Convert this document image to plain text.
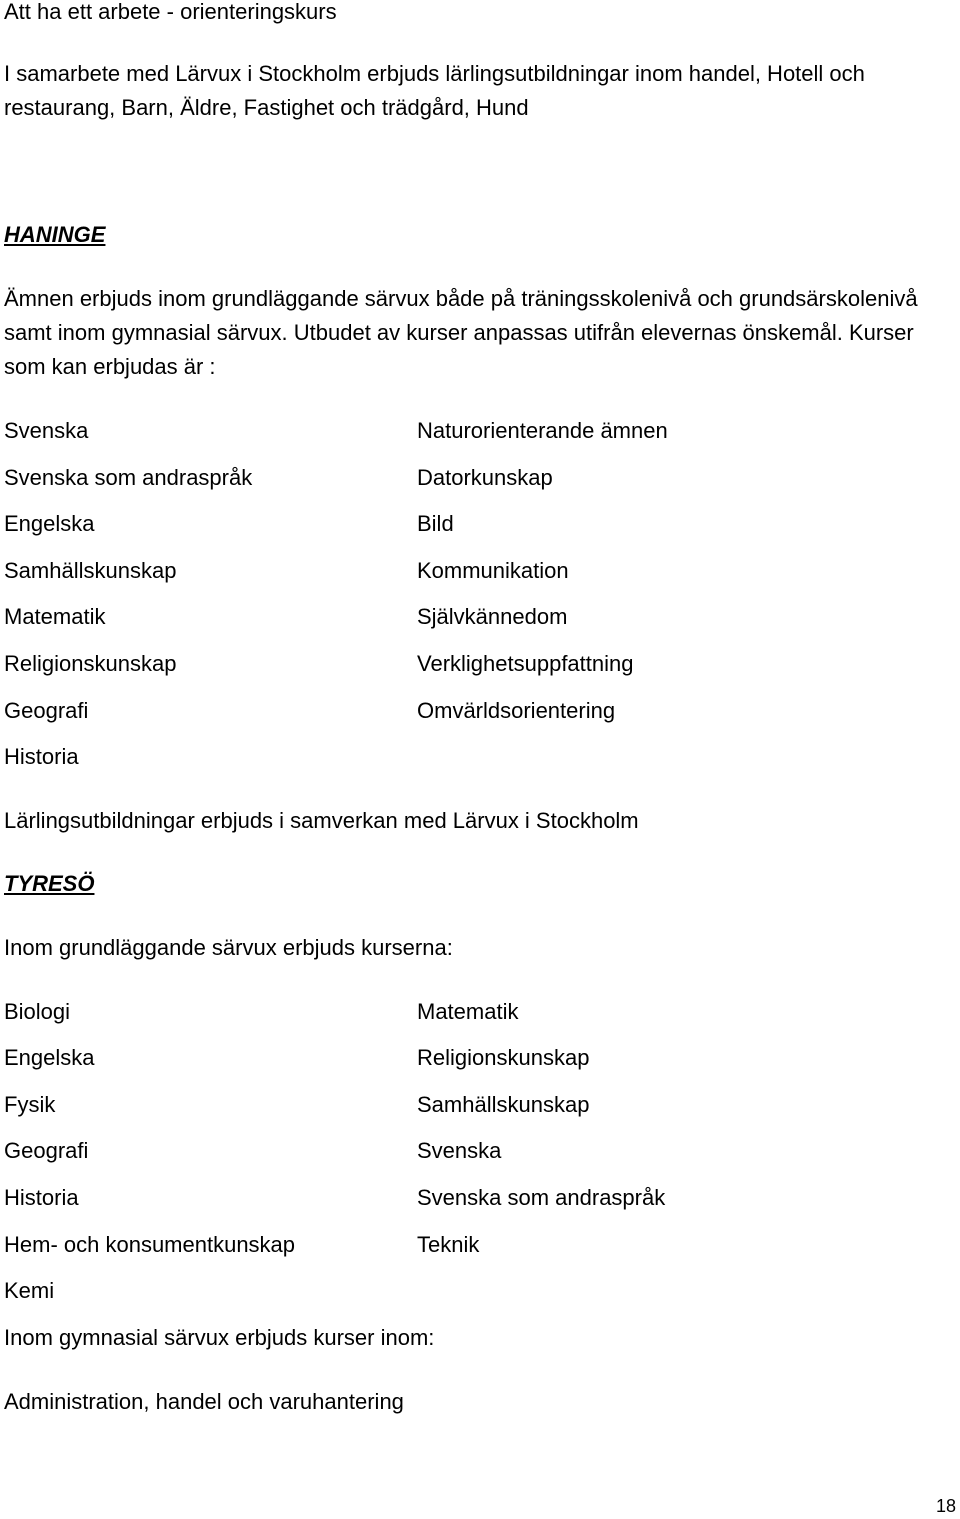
Att ha ett arbete - orienteringskurs

I samarbete med Lärvux i Stockholm erbjuds lärlingsutbildningar inom handel, Hotell och

restaurang, Barn, Äldre, Fastighet och trädgård, Hund

HANINGE

Ämnen erbjuds inom grundläggande särvux både på träningsskolenivå och grundsärskolenivå

samt inom gymnasial särvux. Utbudet av kurser anpassas utifrån elevernas önskemål. Kurser

som kan erbjudas är :

Svenska

Svenska som andraspråk

Engelska

Samhällskunskap

Matematik

Religionskunskap

Geografi

Historia

Naturorienterande ämnen

Datorkunskap

Bild

Kommunikation

Självkännedom

Verklighetsuppfattning

Omvärldsorientering

Lärlingsutbildningar erbjuds i samverkan med Lärvux i Stockholm

TYRESÖ

Inom grundläggande särvux erbjuds kurserna:

Biologi

Engelska

Fysik

Geografi

Historia

Hem- och konsumentkunskap

Kemi

Matematik

Religionskunskap

Samhällskunskap

Svenska

Svenska som andraspråk

Teknik

Inom gymnasial särvux erbjuds kurser inom:

Administration, handel och varuhantering

18
